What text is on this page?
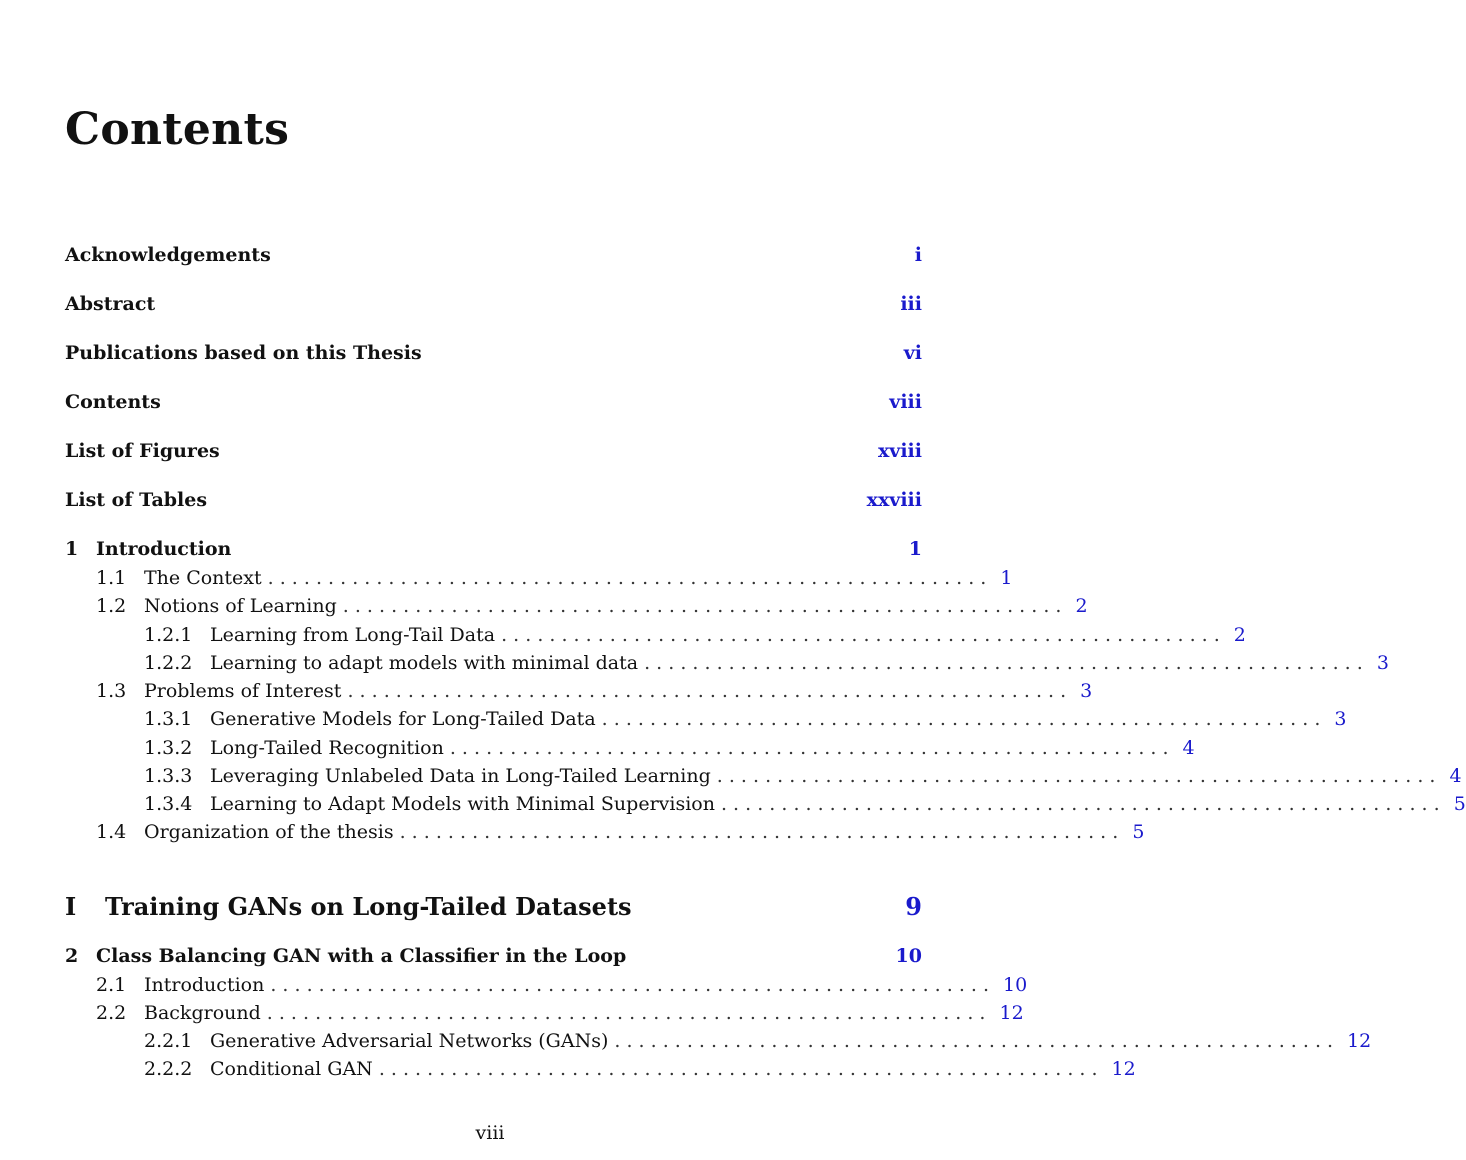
Contents
Acknowledgements	i
Abstract	iii
Publications based on this Thesis	vi
Contents	viii
List of Figures	xviii
List of Tables	xxviii
1 Introduction	1
1.1 The Context . . . . . . . . . . . . . . . . . . . . . . . . . . . . . . . . . . . . . . . . . . . . . . . . . . . . . . . . . . . . 1
1.2 Notions of Learning . . . . . . . . . . . . . . . . . . . . . . . . . . . . . . . . . . . . . . . . . . . . . . . . . . . . . . . . . . . . 2
1.2.1 Learning from Long-Tail Data . . . . . . . . . . . . . . . . . . . . . . . . . . . . . . . . . . . . . . . . . . . . . . . . . . . . . . . . . . . . 2
1.2.2 Learning to adapt models with minimal data . . . . . . . . . . . . . . . . . . . . . . . . . . . . . . . . . . . . . . . . . . . . . . . . . . . . . . . . . . . . 3
1.3 Problems of Interest . . . . . . . . . . . . . . . . . . . . . . . . . . . . . . . . . . . . . . . . . . . . . . . . . . . . . . . . . . . . 3
1.3.1 Generative Models for Long-Tailed Data . . . . . . . . . . . . . . . . . . . . . . . . . . . . . . . . . . . . . . . . . . . . . . . . . . . . . . . . . . . . 3
1.3.2 Long-Tailed Recognition . . . . . . . . . . . . . . . . . . . . . . . . . . . . . . . . . . . . . . . . . . . . . . . . . . . . . . . . . . . . 4
1.3.3 Leveraging Unlabeled Data in Long-Tailed Learning . . . . . . . . . . . . . . . . . . . . . . . . . . . . . . . . . . . . . . . . . . . . . . . . . . . . . . . . . . . . 4
1.3.4 Learning to Adapt Models with Minimal Supervision . . . . . . . . . . . . . . . . . . . . . . . . . . . . . . . . . . . . . . . . . . . . . . . . . . . . . . . . . . . . 5
1.4 Organization of the thesis . . . . . . . . . . . . . . . . . . . . . . . . . . . . . . . . . . . . . . . . . . . . . . . . . . . . . . . . . . . . 5
I	Training GANs on Long-Tailed Datasets	9
2 Class Balancing GAN with a Classifier in the Loop	10
2.1 Introduction . . . . . . . . . . . . . . . . . . . . . . . . . . . . . . . . . . . . . . . . . . . . . . . . . . . . . . . . . . . . 10
2.2 Background . . . . . . . . . . . . . . . . . . . . . . . . . . . . . . . . . . . . . . . . . . . . . . . . . . . . . . . . . . . . 12
2.2.1 Generative Adversarial Networks (GANs) . . . . . . . . . . . . . . . . . . . . . . . . . . . . . . . . . . . . . . . . . . . . . . . . . . . . . . . . . . . . 12
2.2.2 Conditional GAN . . . . . . . . . . . . . . . . . . . . . . . . . . . . . . . . . . . . . . . . . . . . . . . . . . . . . . . . . . . . 12
viii
